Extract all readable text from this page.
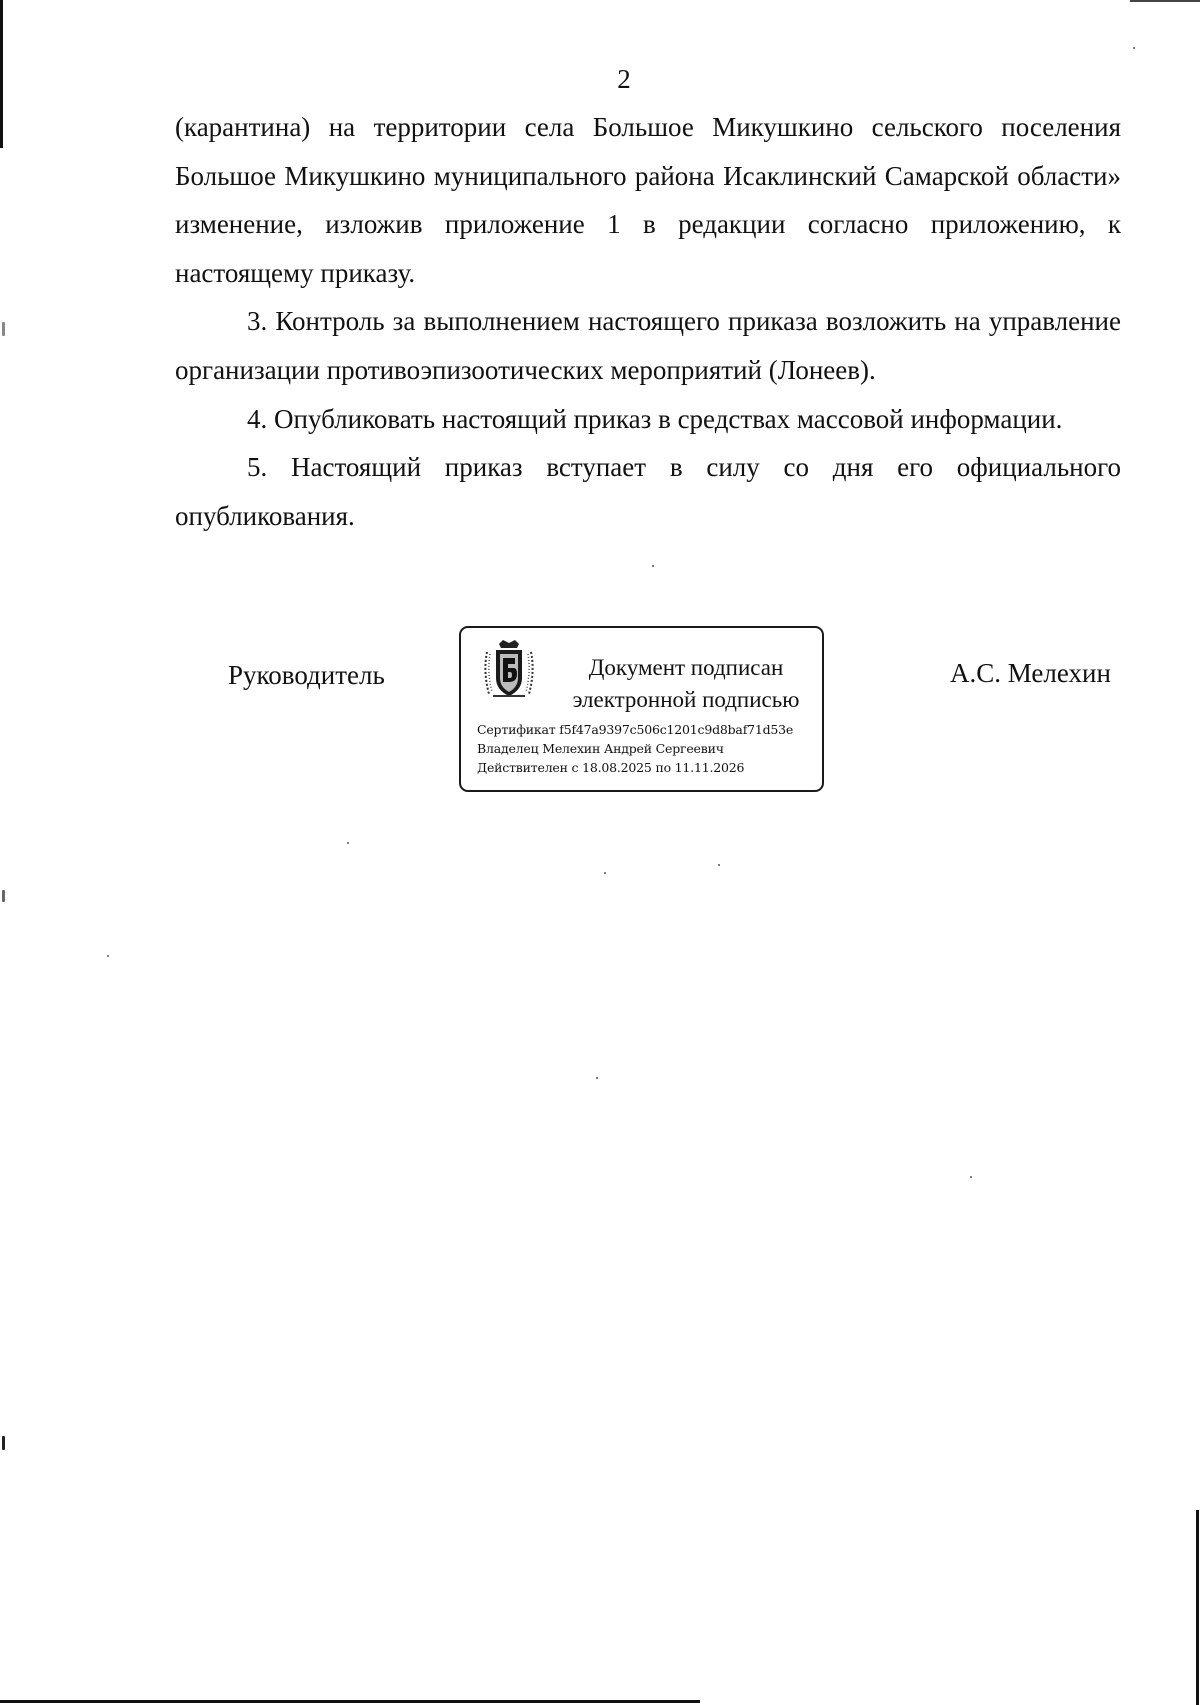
2

(карантина) на территории села Большое Микушкино сельского поселения Большое Микушкино муниципального района Исаклинский Самарской области» изменение, изложив приложение 1 в редакции согласно приложению, к настоящему приказу.

3. Контроль за выполнением настоящего приказа возложить на управление организации противоэпизоотических мероприятий (Лонеев).

4. Опубликовать настоящий приказ в средствах массовой информации.

5. Настоящий приказ вступает в силу со дня его официального опубликования.

Руководитель	Документ подписан
электронной подписью
Сертификат f5f47a9397c506c1201c9d8baf71d53e
Владелец Мелехин Андрей Сергеевич
Действителен с 18.08.2025 по 11.11.2026
А.С. Мелехин
